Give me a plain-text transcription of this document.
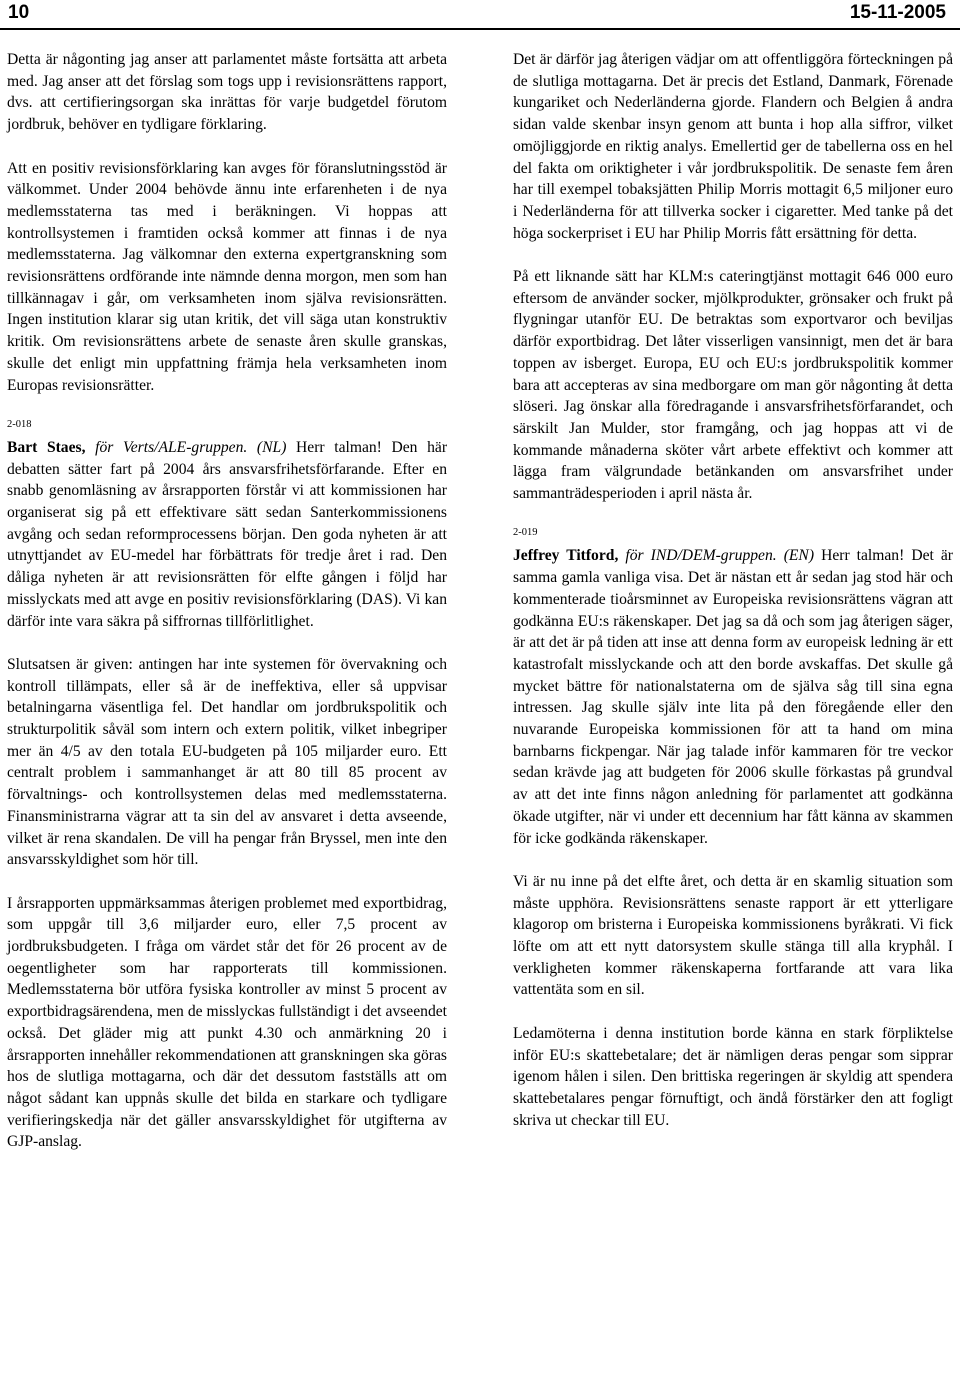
10	15-11-2005

Detta är någonting jag anser att parlamentet måste fortsätta att arbeta med. Jag anser att det förslag som togs upp i revisionsrättens rapport, dvs. att certifieringsorgan ska inrättas för varje budgetdel förutom jordbruk, behöver en tydligare förklaring.

Att en positiv revisionsförklaring kan avges för föranslutningsstöd är välkommet. Under 2004 behövde ännu inte erfarenheten i de nya medlemsstaterna tas med i beräkningen. Vi hoppas att kontrollsystemen i framtiden också kommer att finnas i de nya medlemsstaterna. Jag välkomnar den externa expertgranskning som revisionsrättens ordförande inte nämnde denna morgon, men som han tillkännagav i går, om verksamheten inom själva revisionsrätten. Ingen institution klarar sig utan kritik, det vill säga utan konstruktiv kritik. Om revisionsrättens arbete de senaste åren skulle granskas, skulle det enligt min uppfattning främja hela verksamheten inom Europas revisionsrätter.

2-018

Bart Staes, för Verts/ALE-gruppen. (NL) Herr talman! Den här debatten sätter fart på 2004 års ansvarsfrihetsförfarande. Efter en snabb genomläsning av årsrapporten förstår vi att kommissionen har organiserat sig på ett effektivare sätt sedan Santerkommissionens avgång och sedan reformprocessens början. Den goda nyheten är att utnyttjandet av EU-medel har förbättrats för tredje året i rad. Den dåliga nyheten är att revisionsrätten för elfte gången i följd har misslyckats med att avge en positiv revisionsförklaring (DAS). Vi kan därför inte vara säkra på siffrornas tillförlitlighet.

Slutsatsen är given: antingen har inte systemen för övervakning och kontroll tillämpats, eller så är de ineffektiva, eller så uppvisar betalningarna väsentliga fel. Det handlar om jordbrukspolitik och strukturpolitik såväl som intern och extern politik, vilket inbegriper mer än 4/5 av den totala EU-budgeten på 105 miljarder euro. Ett centralt problem i sammanhanget är att 80 till 85 procent av förvaltnings- och kontrollsystemen delas med medlemsstaterna. Finansministrarna vägrar att ta sin del av ansvaret i detta avseende, vilket är rena skandalen. De vill ha pengar från Bryssel, men inte den ansvarsskyldighet som hör till.

I årsrapporten uppmärksammas återigen problemet med exportbidrag, som uppgår till 3,6 miljarder euro, eller 7,5 procent av jordbruksbudgeten. I fråga om värdet står det för 26 procent av de oegentligheter som har rapporterats till kommissionen. Medlemsstaterna bör utföra fysiska kontroller av minst 5 procent av exportbidragsärendena, men de misslyckas fullständigt i det avseendet också. Det gläder mig att punkt 4.30 och anmärkning 20 i årsrapporten innehåller rekommendationen att granskningen ska göras hos de slutliga mottagarna, och där det dessutom fastställs att om något sådant kan uppnås skulle det bilda en starkare och tydligare verifieringskedja när det gäller ansvarsskyldighet för utgifterna av GJP-anslag.

Det är därför jag återigen vädjar om att offentliggöra förteckningen på de slutliga mottagarna. Det är precis det Estland, Danmark, Förenade kungariket och Nederländerna gjorde. Flandern och Belgien å andra sidan valde skenbar insyn genom att bunta i hop alla siffror, vilket omöjliggjorde en riktig analys. Emellertid ger de tabellerna oss en hel del fakta om oriktigheter i vår jordbrukspolitik. De senaste fem åren har till exempel tobaksjätten Philip Morris mottagit 6,5 miljoner euro i Nederländerna för att tillverka socker i cigaretter. Med tanke på det höga sockerpriset i EU har Philip Morris fått ersättning för detta.

På ett liknande sätt har KLM:s cateringtjänst mottagit 646 000 euro eftersom de använder socker, mjölkprodukter, grönsaker och frukt på flygningar utanför EU. De betraktas som exportvaror och beviljas därför exportbidrag. Det låter visserligen vansinnigt, men det är bara toppen av isberget. Europa, EU och EU:s jordbrukspolitik kommer bara att accepteras av sina medborgare om man gör någonting åt detta slöseri. Jag önskar alla föredragande i ansvarsfrihetsförfarandet, och särskilt Jan Mulder, stor framgång, och jag hoppas att vi de kommande månaderna sköter vårt arbete effektivt och kommer att lägga fram välgrundade betänkanden om ansvarsfrihet under sammanträdesperioden i april nästa år.

2-019

Jeffrey Titford, för IND/DEM-gruppen. (EN) Herr talman! Det är samma gamla vanliga visa. Det är nästan ett år sedan jag stod här och kommenterade tioårsminnet av Europeiska revisionsrättens vägran att godkänna EU:s räkenskaper. Det jag sa då och som jag återigen säger, är att det är på tiden att inse att denna form av europeisk ledning är ett katastrofalt misslyckande och att den borde avskaffas. Det skulle gå mycket bättre för nationalstaterna om de själva såg till sina egna intressen. Jag skulle själv inte lita på den föregående eller den nuvarande Europeiska kommissionen för att ta hand om mina barnbarns fickpengar. När jag talade inför kammaren för tre veckor sedan krävde jag att budgeten för 2006 skulle förkastas på grundval av att det inte finns någon anledning för parlamentet att godkänna ökade utgifter, när vi under ett decennium har fått känna av skammen för icke godkända räkenskaper.

Vi är nu inne på det elfte året, och detta är en skamlig situation som måste upphöra. Revisionsrättens senaste rapport är ett ytterligare klagorop om bristerna i Europeiska kommissionens byråkrati. Vi fick löfte om att ett nytt datorsystem skulle stänga till alla kryphål. I verkligheten kommer räkenskaperna fortfarande att vara lika vattentäta som en sil.

Ledamöterna i denna institution borde känna en stark förpliktelse inför EU:s skattebetalare; det är nämligen deras pengar som sipprar igenom hålen i silen. Den brittiska regeringen är skyldig att spendera skattebetalares pengar förnuftigt, och ändå förstärker den att fogligt skriva ut checkar till EU.
